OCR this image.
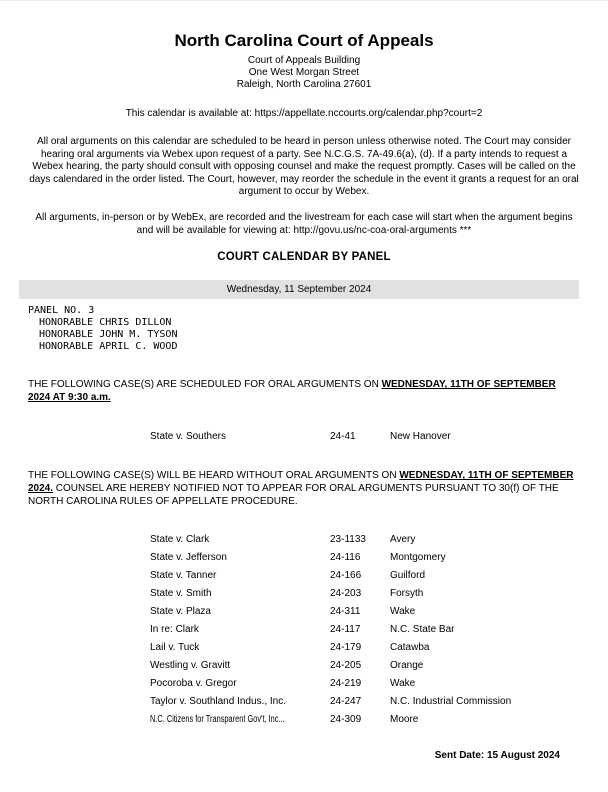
North Carolina Court of Appeals
Court of Appeals Building
One West Morgan Street
Raleigh, North Carolina 27601
This calendar is available at: https://appellate.nccourts.org/calendar.php?court=2
All oral arguments on this calendar are scheduled to be heard in person unless otherwise noted. The Court may consider hearing oral arguments via Webex upon request of a party. See N.C.G.S. 7A-49.6(a), (d). If a party intends to request a Webex hearing, the party should consult with opposing counsel and make the request promptly. Cases will be called on the days calendared in the order listed. The Court, however, may reorder the schedule in the event it grants a request for an oral argument to occur by Webex.
All arguments, in-person or by WebEx, are recorded and the livestream for each case will start when the argument begins and will be available for viewing at: http://govu.us/nc-coa-oral-arguments ***
COURT CALENDAR BY PANEL
Wednesday, 11 September 2024
PANEL NO. 3
HONORABLE CHRIS DILLON
HONORABLE JOHN M. TYSON
HONORABLE APRIL C. WOOD
THE FOLLOWING CASE(S) ARE SCHEDULED FOR ORAL ARGUMENTS ON WEDNESDAY, 11TH OF SEPTEMBER 2024 AT 9:30 a.m.
State v. Southers	24-41	New Hanover
THE FOLLOWING CASE(S) WILL BE HEARD WITHOUT ORAL ARGUMENTS ON WEDNESDAY, 11TH OF SEPTEMBER 2024. COUNSEL ARE HEREBY NOTIFIED NOT TO APPEAR FOR ORAL ARGUMENTS PURSUANT TO 30(f) OF THE NORTH CAROLINA RULES OF APPELLATE PROCEDURE.
State v. Clark	23-1133 Avery
State v. Jefferson	24-116	Montgomery
State v. Tanner	24-166	Guilford
State v. Smith	24-203	Forsyth
State v. Plaza	24-311	Wake
In re: Clark	24-117	N.C. State Bar
Lail v. Tuck	24-179	Catawba
Westling v. Gravitt	24-205	Orange
Pocoroba v. Gregor	24-219	Wake
Taylor v. Southland Indus., Inc.	24-247	N.C. Industrial Commission
N.C. Citizens for Transparent Gov't, Inc...	24-309	Moore
Sent Date: 15 August 2024
